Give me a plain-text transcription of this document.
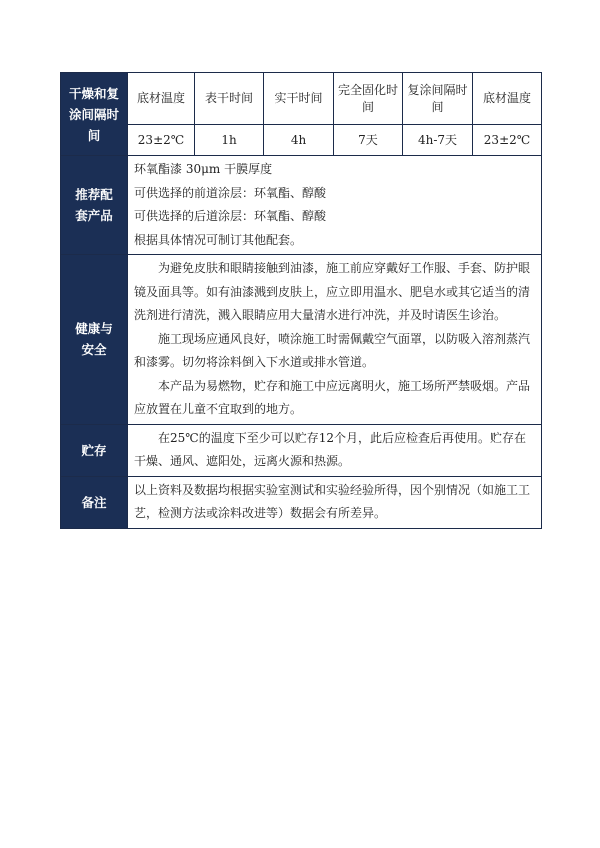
干燥和复涂间隔时间	底材温度	表干时间	实干时间	完全固化时间	复涂间隔时间	底材温度
	23±2℃	1h	4h	7天	4h-7天	23±2℃
推荐配套产品	环氧酯漆 30μm 干膜厚度

可供选择的前道涂层：环氧酯、醇酸

可供选择的后道涂层：环氧酯、醇酸

根据具体情况可制订其他配套。					

健康与安全	为避免皮肤和眼睛接触到油漆，施工前应穿戴好工作服、手套、防护眼镜及面具等。如有油漆溅到皮肤上，应立即用温水、肥皂水或其它适当的清洗剂进行清洗，溅入眼睛应用大量清水进行冲洗，并及时请医生诊治。

施工现场应通风良好，喷涂施工时需佩戴空气面罩，以防吸入溶剂蒸汽和漆雾。切勿将涂料倒入下水道或排水管道。

本产品为易燃物，贮存和施工中应远离明火，施工场所严禁吸烟。产品应放置在儿童不宜取到的地方。					

贮存	在25℃的温度下至少可以贮存12个月，此后应检查后再使用。贮存在干燥、通风、遮阳处，远离火源和热源。					

备注	以上资料及数据均根据实验室测试和实验经验所得，因个别情况（如施工工艺，检测方法或涂料改进等）数据会有所差异。					
